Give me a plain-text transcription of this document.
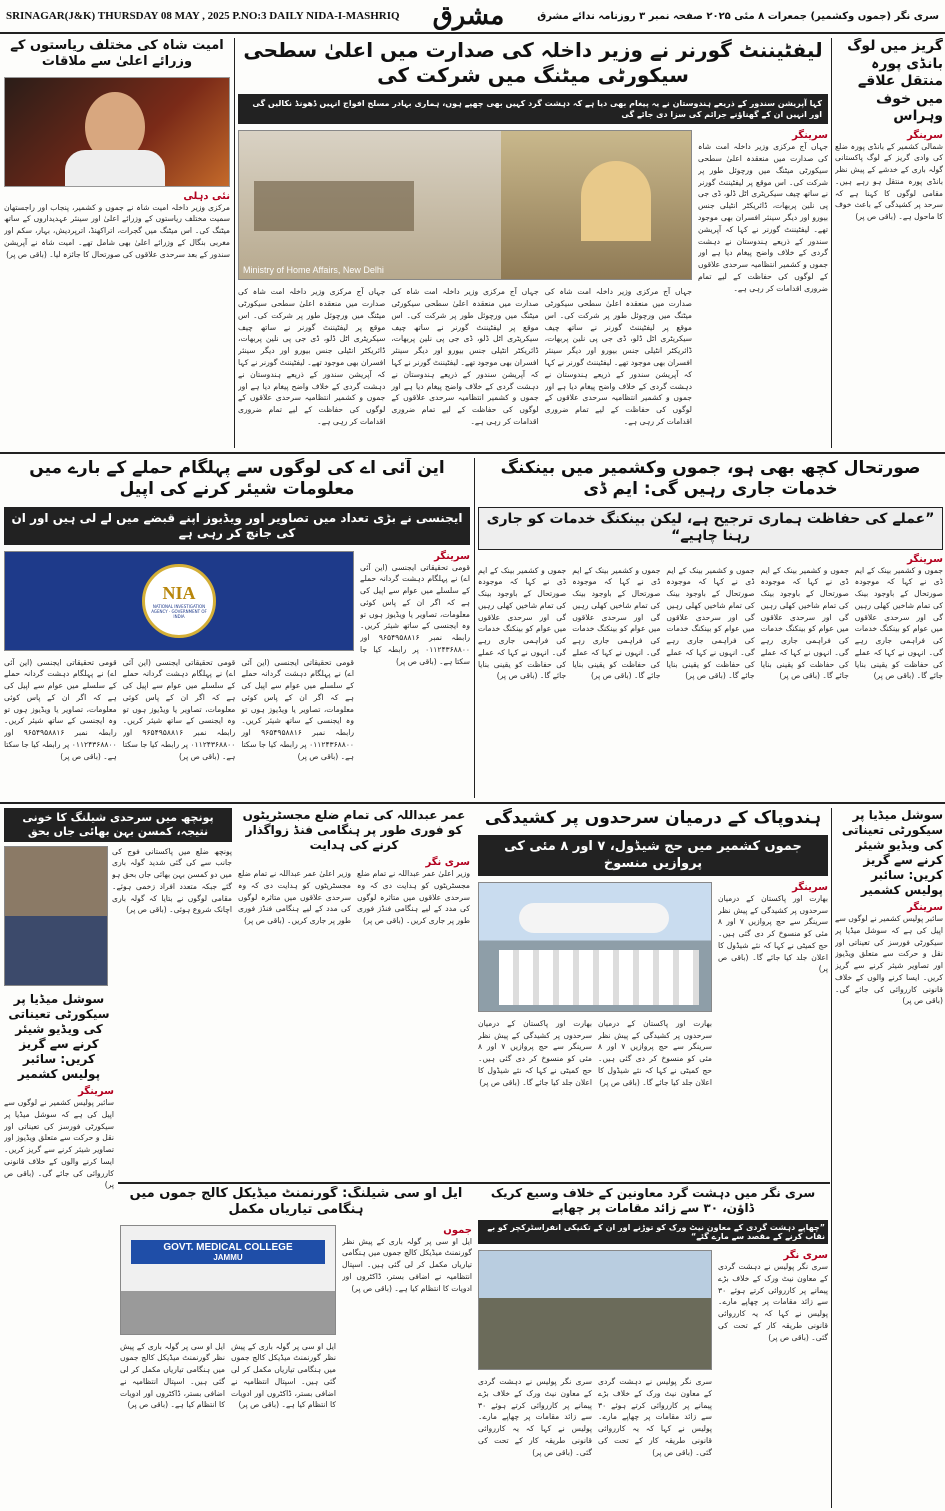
SRINAGAR(J&K) THURSDAY 08 MAY , 2025 P.NO:3 DAILY NIDA-I-MASHRIQ مشرق	سری نگر (جموں وکشمیر) جمعرات ۸ مئی ۲۰۲۵ صفحہ نمبر ۳ روزنامہ ندائے مشرق
گریز میں لوگ بانڈی پورہ منتقل علاقے میں خوف وہراس
سرینگر
شمالی کشمیر کے بانڈی پورہ ضلع کی وادی گریز کے لوگ پاکستانی گولہ باری کے خدشے کے پیش نظر بانڈی پورہ منتقل ہو رہے ہیں۔ مقامی لوگوں کا کہنا ہے کہ سرحد پر کشیدگی کے باعث خوف کا ماحول ہے۔ (باقی ص پر)
لیفٹیننٹ گورنر نے وزیر داخلہ کی صدارت میں اعلیٰ سطحی سیکورٹی میٹنگ میں شرکت کی
کہا آپریشن سندور کے ذریعے ہندوستان نے یہ پیغام بھی دیا ہے کہ دہشت گرد کہیں بھی چھپے ہوں، ہماری بہادر مسلح افواج انہیں ڈھونڈ نکالیں گی اور انہیں ان کے گھناؤنے جرائم کی سزا دی جائے گی
سرینگر
جہاں آج مرکزی وزیر داخلہ امت شاہ کی صدارت میں منعقدہ اعلیٰ سطحی سیکورٹی میٹنگ میں ورچوئل طور پر شرکت کی۔ اس موقع پر لیفٹیننٹ گورنر نے ساتھ چیف سیکریٹری اٹل ڈلو، ڈی جی پی نلین پربھات، ڈائریکٹر انٹیلی جنس بیورو اور دیگر سینئر افسران بھی موجود تھے۔ لیفٹیننٹ گورنر نے کہا کہ آپریشن سندور کے ذریعے ہندوستان نے دہشت گردی کے خلاف واضح پیغام دیا ہے اور جموں و کشمیر انتظامیہ سرحدی علاقوں کے لوگوں کی حفاظت کے لیے تمام ضروری اقدامات کر رہی ہے۔
Ministry of Home Affairs, New Delhi
جہاں آج مرکزی وزیر داخلہ امت شاہ کی صدارت میں منعقدہ اعلیٰ سطحی سیکورٹی میٹنگ میں ورچوئل طور پر شرکت کی۔ اس موقع پر لیفٹیننٹ گورنر نے ساتھ چیف سیکریٹری اٹل ڈلو، ڈی جی پی نلین پربھات، ڈائریکٹر انٹیلی جنس بیورو اور دیگر سینئر افسران بھی موجود تھے۔ لیفٹیننٹ گورنر نے کہا کہ آپریشن سندور کے ذریعے ہندوستان نے دہشت گردی کے خلاف واضح پیغام دیا ہے اور جموں و کشمیر انتظامیہ سرحدی علاقوں کے لوگوں کی حفاظت کے لیے تمام ضروری اقدامات کر رہی ہے۔
جہاں آج مرکزی وزیر داخلہ امت شاہ کی صدارت میں منعقدہ اعلیٰ سطحی سیکورٹی میٹنگ میں ورچوئل طور پر شرکت کی۔ اس موقع پر لیفٹیننٹ گورنر نے ساتھ چیف سیکریٹری اٹل ڈلو، ڈی جی پی نلین پربھات، ڈائریکٹر انٹیلی جنس بیورو اور دیگر سینئر افسران بھی موجود تھے۔ لیفٹیننٹ گورنر نے کہا کہ آپریشن سندور کے ذریعے ہندوستان نے دہشت گردی کے خلاف واضح پیغام دیا ہے اور جموں و کشمیر انتظامیہ سرحدی علاقوں کے لوگوں کی حفاظت کے لیے تمام ضروری اقدامات کر رہی ہے۔
جہاں آج مرکزی وزیر داخلہ امت شاہ کی صدارت میں منعقدہ اعلیٰ سطحی سیکورٹی میٹنگ میں ورچوئل طور پر شرکت کی۔ اس موقع پر لیفٹیننٹ گورنر نے ساتھ چیف سیکریٹری اٹل ڈلو، ڈی جی پی نلین پربھات، ڈائریکٹر انٹیلی جنس بیورو اور دیگر سینئر افسران بھی موجود تھے۔ لیفٹیننٹ گورنر نے کہا کہ آپریشن سندور کے ذریعے ہندوستان نے دہشت گردی کے خلاف واضح پیغام دیا ہے اور جموں و کشمیر انتظامیہ سرحدی علاقوں کے لوگوں کی حفاظت کے لیے تمام ضروری اقدامات کر رہی ہے۔
امیت شاہ کی مختلف ریاستوں کے وزرائے اعلیٰ سے ملاقات
نئی دہلی
مرکزی وزیر داخلہ امیت شاہ نے جموں و کشمیر، پنجاب اور راجستھان سمیت مختلف ریاستوں کے وزرائے اعلیٰ اور سینئر عہدیداروں کے ساتھ میٹنگ کی۔ اس میٹنگ میں گجرات، اتراکھنڈ، اترپردیش، بہار، سکم اور مغربی بنگال کے وزرائے اعلیٰ بھی شامل تھے۔ امیت شاہ نے آپریشن سندور کے بعد سرحدی علاقوں کی صورتحال کا جائزہ لیا۔ (باقی ص پر)
صورتحال کچھ بھی ہو، جموں وکشمیر میں بینکنگ خدمات جاری رہیں گی: ایم ڈی
”عملے کی حفاظت ہماری ترجیح ہے، لیکن بینکنگ خدمات کو جاری رہنا چاہیے“
سرینگر
جموں و کشمیر بینک کے ایم ڈی نے کہا کہ موجودہ صورتحال کے باوجود بینک کی تمام شاخیں کھلی رہیں گی اور سرحدی علاقوں میں عوام کو بینکنگ خدمات کی فراہمی جاری رہے گی۔ انہوں نے کہا کہ عملے کی حفاظت کو یقینی بنایا جائے گا۔ (باقی ص پر)
جموں و کشمیر بینک کے ایم ڈی نے کہا کہ موجودہ صورتحال کے باوجود بینک کی تمام شاخیں کھلی رہیں گی اور سرحدی علاقوں میں عوام کو بینکنگ خدمات کی فراہمی جاری رہے گی۔ انہوں نے کہا کہ عملے کی حفاظت کو یقینی بنایا جائے گا۔ (باقی ص پر)
جموں و کشمیر بینک کے ایم ڈی نے کہا کہ موجودہ صورتحال کے باوجود بینک کی تمام شاخیں کھلی رہیں گی اور سرحدی علاقوں میں عوام کو بینکنگ خدمات کی فراہمی جاری رہے گی۔ انہوں نے کہا کہ عملے کی حفاظت کو یقینی بنایا جائے گا۔ (باقی ص پر)
جموں و کشمیر بینک کے ایم ڈی نے کہا کہ موجودہ صورتحال کے باوجود بینک کی تمام شاخیں کھلی رہیں گی اور سرحدی علاقوں میں عوام کو بینکنگ خدمات کی فراہمی جاری رہے گی۔ انہوں نے کہا کہ عملے کی حفاظت کو یقینی بنایا جائے گا۔ (باقی ص پر)
جموں و کشمیر بینک کے ایم ڈی نے کہا کہ موجودہ صورتحال کے باوجود بینک کی تمام شاخیں کھلی رہیں گی اور سرحدی علاقوں میں عوام کو بینکنگ خدمات کی فراہمی جاری رہے گی۔ انہوں نے کہا کہ عملے کی حفاظت کو یقینی بنایا جائے گا۔ (باقی ص پر)
این آئی اے کی لوگوں سے پہلگام حملے کے بارے میں معلومات شیئر کرنے کی اپیل
ایجنسی نے بڑی تعداد میں تصاویر اور ویڈیوز اپنے قبضے میں لے لی ہیں اور ان کی جانچ کر رہی ہے
سرینگر
قومی تحقیقاتی ایجنسی (این آئی اے) نے پہلگام دہشت گردانہ حملے کے سلسلے میں عوام سے اپیل کی ہے کہ اگر ان کے پاس کوئی معلومات، تصاویر یا ویڈیوز ہوں تو وہ ایجنسی کے ساتھ شیئر کریں۔ رابطہ نمبر ۹۶۵۴۹۵۸۸۱۶ اور ۰۱۱۲۴۳۶۸۸۰۰ پر رابطہ کیا جا سکتا ہے۔ (باقی ص پر)
NIA
NATIONAL INVESTIGATION AGENCY · GOVERNMENT OF INDIA
قومی تحقیقاتی ایجنسی (این آئی اے) نے پہلگام دہشت گردانہ حملے کے سلسلے میں عوام سے اپیل کی ہے کہ اگر ان کے پاس کوئی معلومات، تصاویر یا ویڈیوز ہوں تو وہ ایجنسی کے ساتھ شیئر کریں۔ رابطہ نمبر ۹۶۵۴۹۵۸۸۱۶ اور ۰۱۱۲۴۳۶۸۸۰۰ پر رابطہ کیا جا سکتا ہے۔ (باقی ص پر)
قومی تحقیقاتی ایجنسی (این آئی اے) نے پہلگام دہشت گردانہ حملے کے سلسلے میں عوام سے اپیل کی ہے کہ اگر ان کے پاس کوئی معلومات، تصاویر یا ویڈیوز ہوں تو وہ ایجنسی کے ساتھ شیئر کریں۔ رابطہ نمبر ۹۶۵۴۹۵۸۸۱۶ اور ۰۱۱۲۴۳۶۸۸۰۰ پر رابطہ کیا جا سکتا ہے۔ (باقی ص پر)
قومی تحقیقاتی ایجنسی (این آئی اے) نے پہلگام دہشت گردانہ حملے کے سلسلے میں عوام سے اپیل کی ہے کہ اگر ان کے پاس کوئی معلومات، تصاویر یا ویڈیوز ہوں تو وہ ایجنسی کے ساتھ شیئر کریں۔ رابطہ نمبر ۹۶۵۴۹۵۸۸۱۶ اور ۰۱۱۲۴۳۶۸۸۰۰ پر رابطہ کیا جا سکتا ہے۔ (باقی ص پر)
سوشل میڈیا پر سیکورٹی تعیناتی کی ویڈیو شیئر کرنے سے گریز کریں: سائبر پولیس کشمیر
سرینگر
سائبر پولیس کشمیر نے لوگوں سے اپیل کی ہے کہ سوشل میڈیا پر سیکورٹی فورسز کی تعیناتی اور نقل و حرکت سے متعلق ویڈیوز اور تصاویر شیئر کرنے سے گریز کریں۔ ایسا کرنے والوں کے خلاف قانونی کارروائی کی جائے گی۔ (باقی ص پر)
ہندوپاک کے درمیان سرحدوں پر کشیدگی
جموں کشمیر میں حج شیڈول، ۷ اور ۸ مئی کی پروازیں منسوخ
سرینگر
بھارت اور پاکستان کے درمیان سرحدوں پر کشیدگی کے پیش نظر سرینگر سے حج پروازیں ۷ اور ۸ مئی کو منسوخ کر دی گئی ہیں۔ حج کمیٹی نے کہا کہ نئے شیڈول کا اعلان جلد کیا جائے گا۔ (باقی ص پر)
بھارت اور پاکستان کے درمیان سرحدوں پر کشیدگی کے پیش نظر سرینگر سے حج پروازیں ۷ اور ۸ مئی کو منسوخ کر دی گئی ہیں۔ حج کمیٹی نے کہا کہ نئے شیڈول کا اعلان جلد کیا جائے گا۔ (باقی ص پر)
بھارت اور پاکستان کے درمیان سرحدوں پر کشیدگی کے پیش نظر سرینگر سے حج پروازیں ۷ اور ۸ مئی کو منسوخ کر دی گئی ہیں۔ حج کمیٹی نے کہا کہ نئے شیڈول کا اعلان جلد کیا جائے گا۔ (باقی ص پر)
عمر عبداللہ کی تمام ضلع مجسٹریٹوں کو فوری طور پر ہنگامی فنڈ زواگذار کرنے کی ہدایت
سری نگر
وزیر اعلیٰ عمر عبداللہ نے تمام ضلع مجسٹریٹوں کو ہدایت دی کہ وہ سرحدی علاقوں میں متاثرہ لوگوں کی مدد کے لیے ہنگامی فنڈز فوری طور پر جاری کریں۔ (باقی ص پر)
وزیر اعلیٰ عمر عبداللہ نے تمام ضلع مجسٹریٹوں کو ہدایت دی کہ وہ سرحدی علاقوں میں متاثرہ لوگوں کی مدد کے لیے ہنگامی فنڈز فوری طور پر جاری کریں۔ (باقی ص پر)
پونچھ میں سرحدی شیلنگ کا خونی نتیجہ، کمسن بہن بھائی جاں بحق
پونچھ ضلع میں پاکستانی فوج کی جانب سے کی گئی شدید گولہ باری میں دو کمسن بہن بھائی جاں بحق ہو گئے جبکہ متعدد افراد زخمی ہوئے۔ مقامی لوگوں نے بتایا کہ گولہ باری اچانک شروع ہوئی۔ (باقی ص پر)
سوشل میڈیا پر سیکورٹی تعیناتی کی ویڈیو شیئر کرنے سے گریز کریں: سائبر پولیس کشمیر
سرینگر
سائبر پولیس کشمیر نے لوگوں سے اپیل کی ہے کہ سوشل میڈیا پر سیکورٹی فورسز کی تعیناتی اور نقل و حرکت سے متعلق ویڈیوز اور تصاویر شیئر کرنے سے گریز کریں۔ ایسا کرنے والوں کے خلاف قانونی کارروائی کی جائے گی۔ (باقی ص پر)
ایل او سی شیلنگ: گورنمنٹ میڈیکل کالج جموں میں ہنگامی تیاریاں مکمل
جموں
ایل او سی پر گولہ باری کے پیش نظر گورنمنٹ میڈیکل کالج جموں میں ہنگامی تیاریاں مکمل کر لی گئی ہیں۔ اسپتال انتظامیہ نے اضافی بستر، ڈاکٹروں اور ادویات کا انتظام کیا ہے۔ (باقی ص پر)
GOVT. MEDICAL COLLEGE
JAMMU
ایل او سی پر گولہ باری کے پیش نظر گورنمنٹ میڈیکل کالج جموں میں ہنگامی تیاریاں مکمل کر لی گئی ہیں۔ اسپتال انتظامیہ نے اضافی بستر، ڈاکٹروں اور ادویات کا انتظام کیا ہے۔ (باقی ص پر)
ایل او سی پر گولہ باری کے پیش نظر گورنمنٹ میڈیکل کالج جموں میں ہنگامی تیاریاں مکمل کر لی گئی ہیں۔ اسپتال انتظامیہ نے اضافی بستر، ڈاکٹروں اور ادویات کا انتظام کیا ہے۔ (باقی ص پر)
سری نگر میں دہشت گرد معاونین کے خلاف وسیع کریک ڈاؤن، ۳۰ سے زائد مقامات پر چھاپے
”چھاپے دہشت گردی کے معاون نیٹ ورک کو توڑنے اور ان کے تکنیکی انفراسٹرکچر کو بے نقاب کرنے کے مقصد سے مارے گئے“
سری نگر
سری نگر پولیس نے دہشت گردی کے معاون نیٹ ورک کے خلاف بڑے پیمانے پر کارروائی کرتے ہوئے ۳۰ سے زائد مقامات پر چھاپے مارے۔ پولیس نے کہا کہ یہ کارروائی قانونی طریقہ کار کے تحت کی گئی۔ (باقی ص پر)
سری نگر پولیس نے دہشت گردی کے معاون نیٹ ورک کے خلاف بڑے پیمانے پر کارروائی کرتے ہوئے ۳۰ سے زائد مقامات پر چھاپے مارے۔ پولیس نے کہا کہ یہ کارروائی قانونی طریقہ کار کے تحت کی گئی۔ (باقی ص پر)
سری نگر پولیس نے دہشت گردی کے معاون نیٹ ورک کے خلاف بڑے پیمانے پر کارروائی کرتے ہوئے ۳۰ سے زائد مقامات پر چھاپے مارے۔ پولیس نے کہا کہ یہ کارروائی قانونی طریقہ کار کے تحت کی گئی۔ (باقی ص پر)
